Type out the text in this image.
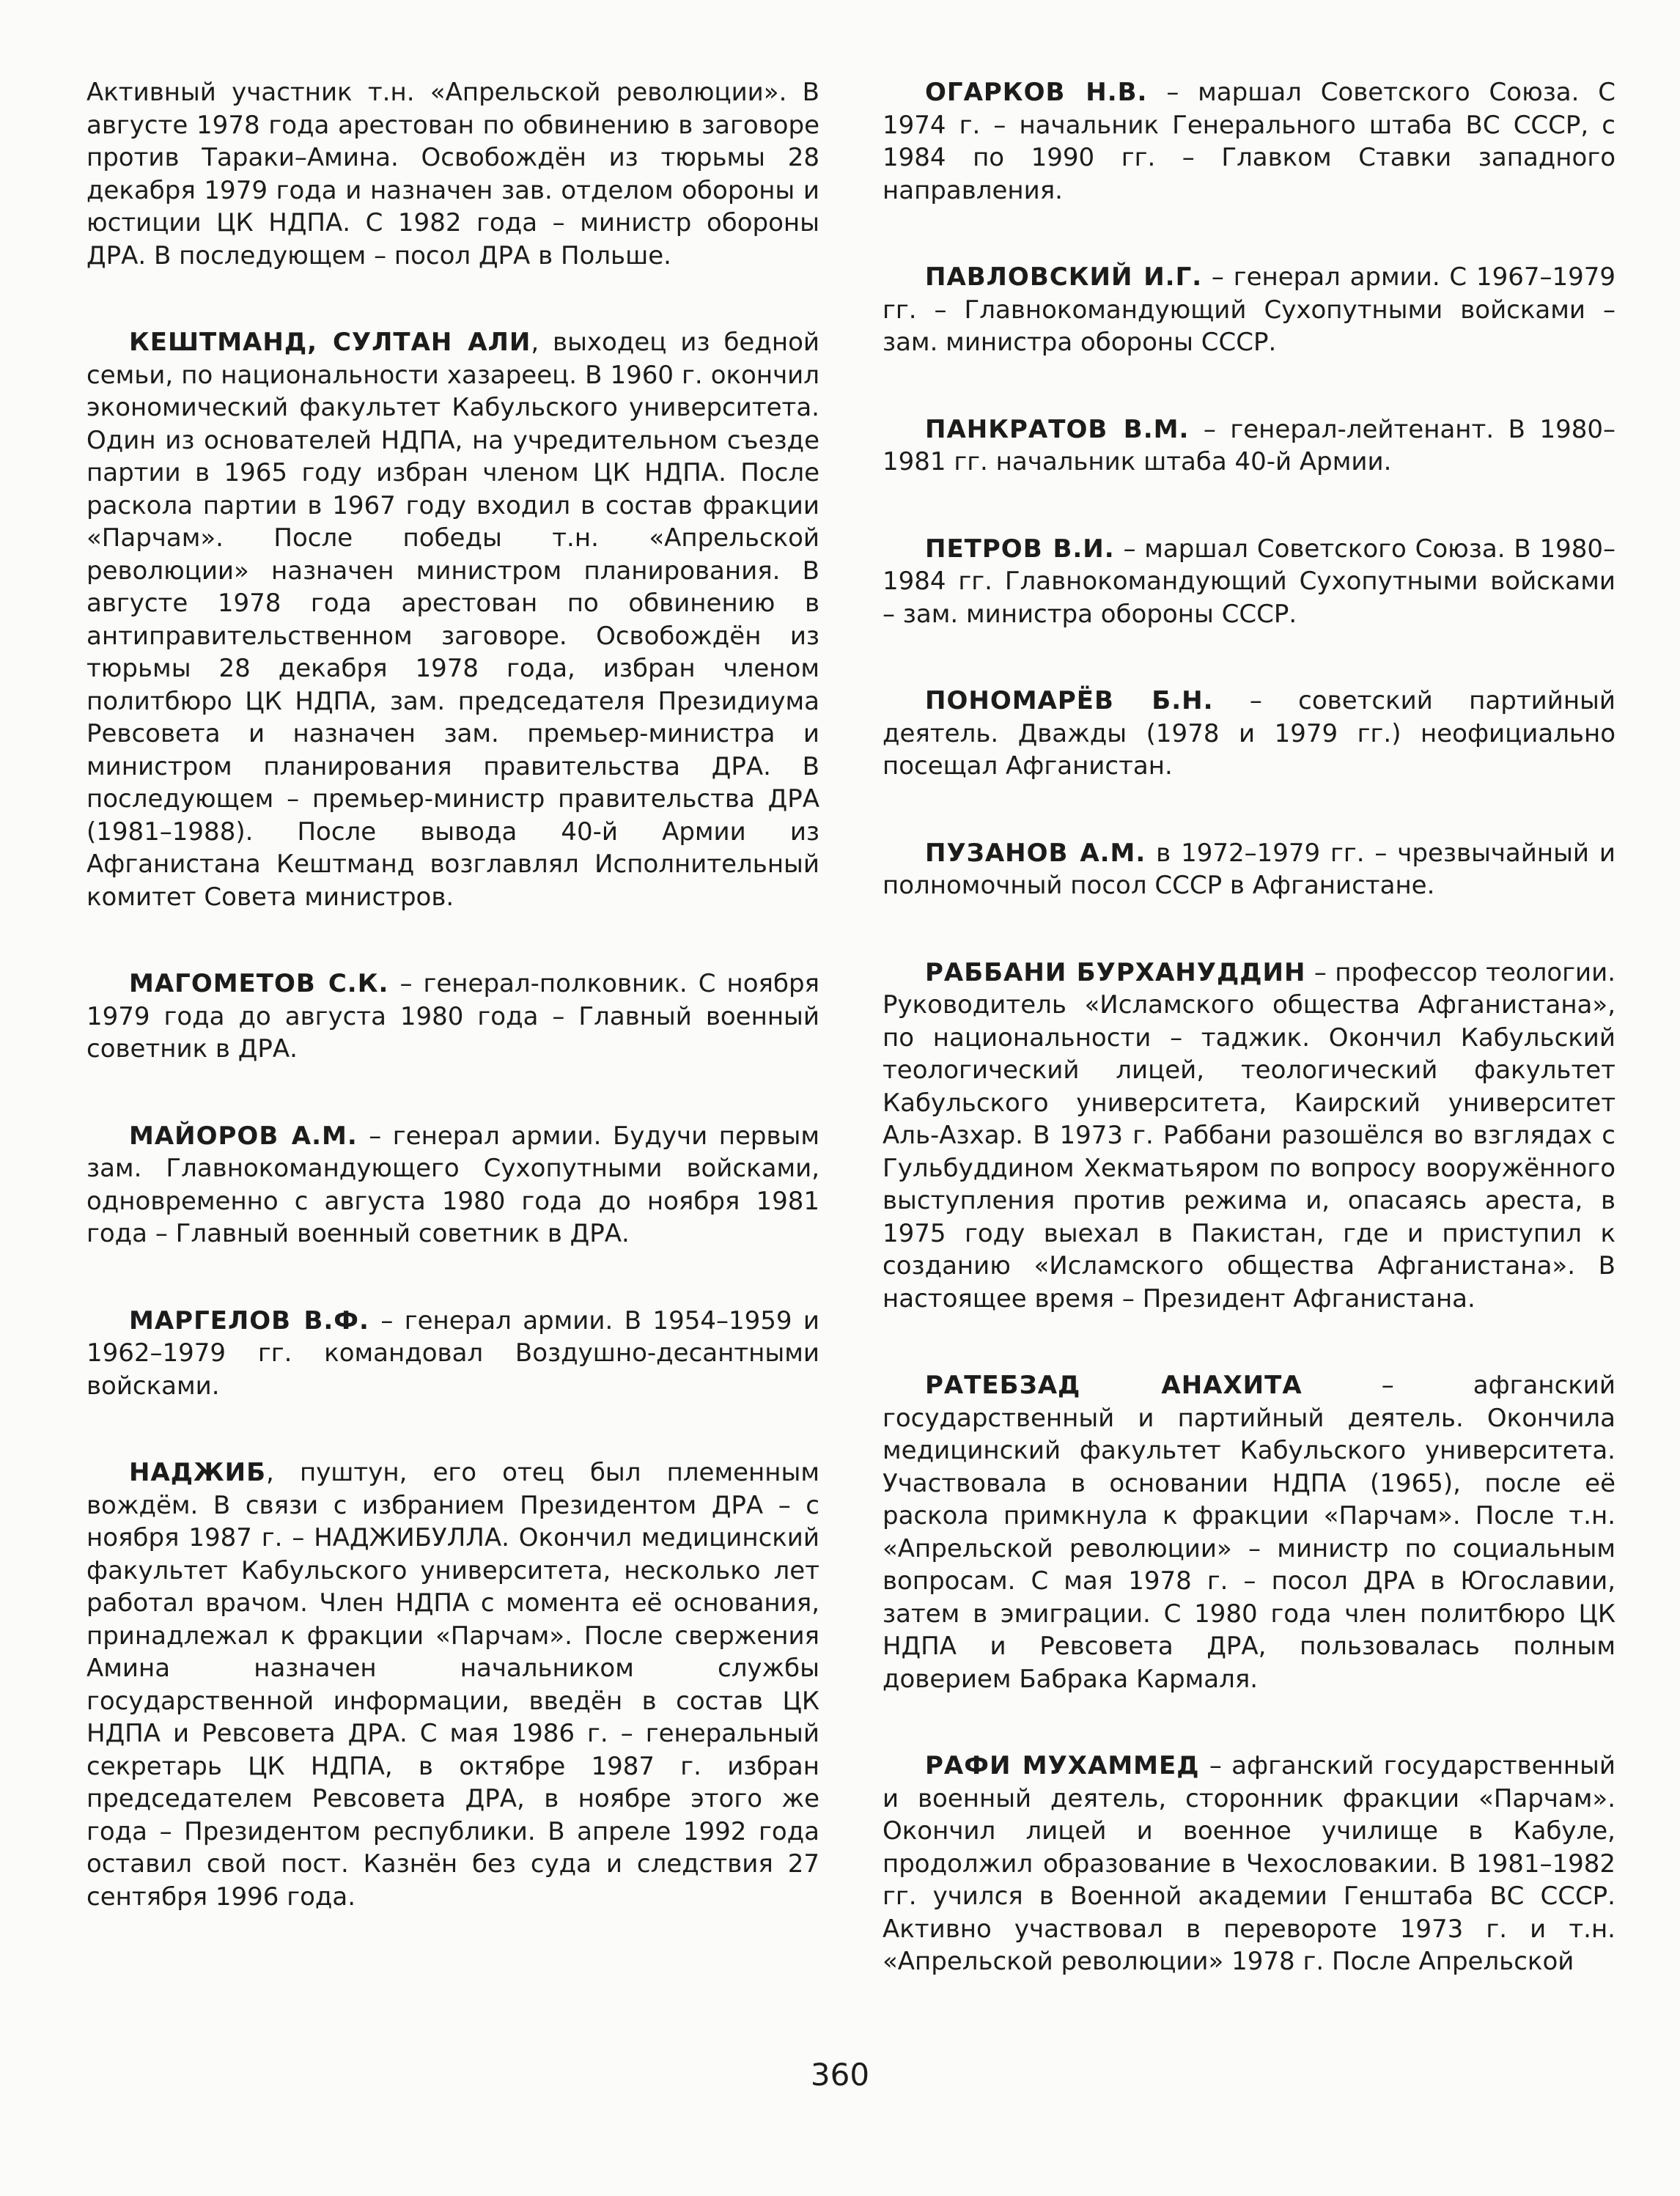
Активный участник т.н. «Апрельской революции». В августе 1978 года арестован по обвинению в заговоре против Тараки–Амина. Освобождён из тюрьмы 28 декабря 1979 года и назначен зав. отделом обороны и юстиции ЦК НДПА. С 1982 года – министр обороны ДРА. В последующем – посол ДРА в Польше.

КЕШТМАНД, СУЛТАН АЛИ, выходец из бедной семьи, по национальности хазареец. В 1960 г. окончил экономический факультет Кабульского университета. Один из основателей НДПА, на учредительном съезде партии в 1965 году избран членом ЦК НДПА. После раскола партии в 1967 году входил в состав фракции «Парчам». После победы т.н. «Апрельской революции» назначен министром планирования. В августе 1978 года арестован по обвинению в антиправительственном заговоре. Освобождён из тюрьмы 28 декабря 1978 года, избран членом политбюро ЦК НДПА, зам. председателя Президиума Ревсовета и назначен зам. премьер-министра и министром планирования правительства ДРА. В последующем – премьер-министр правительства ДРА (1981–1988). После вывода 40-й Армии из Афганистана Кештманд возглавлял Исполнительный комитет Совета министров.

МАГОМЕТОВ С.К. – генерал-полковник. С ноября 1979 года до августа 1980 года – Главный военный советник в ДРА.

МАЙОРОВ А.М. – генерал армии. Будучи первым зам. Главнокомандующего Сухопутными войсками, одновременно с августа 1980 года до ноября 1981 года – Главный военный советник в ДРА.

МАРГЕЛОВ В.Ф. – генерал армии. В 1954–1959 и 1962–1979 гг. командовал Воздушно-десантными войсками.

НАДЖИБ, пуштун, его отец был племенным вождём. В связи с избранием Президентом ДРА – с ноября 1987 г. – НАДЖИБУЛЛА. Окончил медицинский факультет Кабульского университета, несколько лет работал врачом. Член НДПА с момента её основания, принадлежал к фракции «Парчам». После свержения Амина назначен начальником службы государственной информации, введён в состав ЦК НДПА и Ревсовета ДРА. С мая 1986 г. – генеральный секретарь ЦК НДПА, в октябре 1987 г. избран председателем Ревсовета ДРА, в ноябре этого же года – Президентом республики. В апреле 1992 года оставил свой пост. Казнён без суда и следствия 27 сентября 1996 года.

ОГАРКОВ Н.В. – маршал Советского Союза. С 1974 г. – начальник Генерального штаба ВС СССР, с 1984 по 1990 гг. – Главком Ставки западного направления.

ПАВЛОВСКИЙ И.Г. – генерал армии. С 1967–1979 гг. – Главнокомандующий Сухопутными войсками – зам. министра обороны СССР.

ПАНКРАТОВ В.М. – генерал-лейтенант. В 1980–1981 гг. начальник штаба 40-й Армии.

ПЕТРОВ В.И. – маршал Советского Союза. В 1980–1984 гг. Главнокомандующий Сухопутными войсками – зам. министра обороны СССР.

ПОНОМАРЁВ Б.Н. – советский партийный деятель. Дважды (1978 и 1979 гг.) неофициально посещал Афганистан.

ПУЗАНОВ А.М. в 1972–1979 гг. – чрезвычайный и полномочный посол СССР в Афганистане.

РАББАНИ БУРХАНУДДИН – профессор теологии. Руководитель «Исламского общества Афганистана», по национальности – таджик. Окончил Кабульский теологический лицей, теологический факультет Кабульского университета, Каирский университет Аль-Азхар. В 1973 г. Раббани разошёлся во взглядах с Гульбуддином Хекматьяром по вопросу вооружённого выступления против режима и, опасаясь ареста, в 1975 году выехал в Пакистан, где и приступил к созданию «Исламского общества Афганистана». В настоящее время – Президент Афганистана.

РАТЕБЗАД АНАХИТА – афганский государственный и партийный деятель. Окончила медицинский факультет Кабульского университета. Участвовала в основании НДПА (1965), после её раскола примкнула к фракции «Парчам». После т.н. «Апрельской революции» – министр по социальным вопросам. С мая 1978 г. – посол ДРА в Югославии, затем в эмиграции. С 1980 года член политбюро ЦК НДПА и Ревсовета ДРА, пользовалась полным доверием Бабрака Кармаля.

РАФИ МУХАММЕД – афганский государственный и военный деятель, сторонник фракции «Парчам». Окончил лицей и военное училище в Кабуле, продолжил образование в Чехословакии. В 1981–1982 гг. учился в Военной академии Генштаба ВС СССР. Активно участвовал в перевороте 1973 г. и т.н. «Апрельской революции» 1978 г. После Апрельской

360
